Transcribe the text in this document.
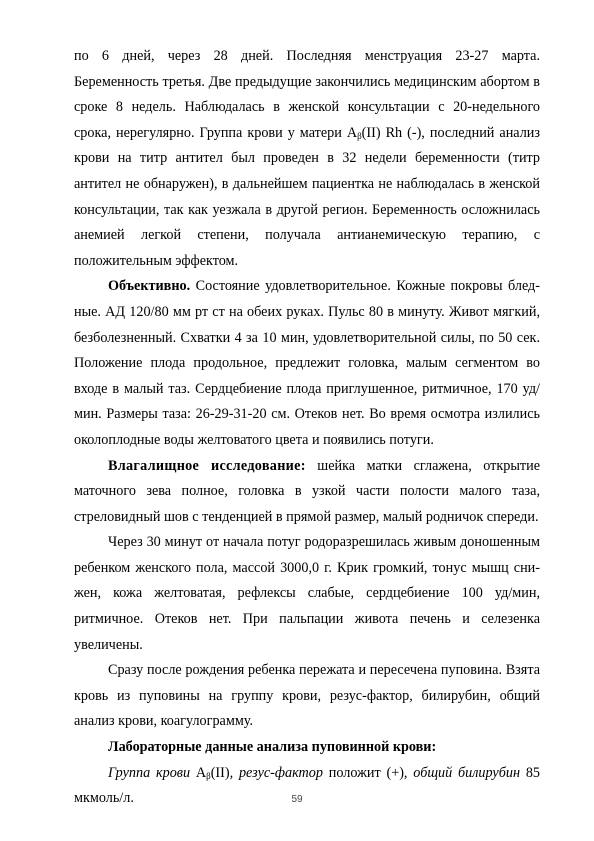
по 6 дней, через 28 дней. Последняя менструация 23-27 марта. Беременность третья. Две предыдущие закончились медицинским абортом в сроке 8 недель. Наблюдалась в женской консультации с 20-недельного срока, нерегулярно. Группа крови у матери $A_\beta(II)$ Rh (-), последний анализ крови на титр антител был проведен в 32 недели беременности (титр антител не обнаружен), в дальнейшем пациентка не наблюдалась в женской консультации, так как уезжала в другой регион. Беременность осложнилась анемией легкой степени, получала антианемическую терапию, с положительным эффектом.

Объективно. Состояние удовлетворительное. Кожные покровы блед-ные. АД 120/80 мм рт ст на обеих руках. Пульс 80 в минуту. Живот мягкий, безболезненный. Схватки 4 за 10 мин, удовлетворительной силы, по 50 сек. Положение плода продольное, предлежит головка, малым сегментом во входе в малый таз. Сердцебиение плода приглушенное, ритмичное, 170 уд/мин. Размеры таза: 26-29-31-20 см. Отеков нет. Во время осмотра излились околоплодные воды желтоватого цвета и появились потуги.

Влагалищное исследование: шейка матки сглажена, открытие маточного зева полное, головка в узкой части полости малого таза, стреловидный шов с тенденцией в прямой размер, малый родничок спереди.

Через 30 минут от начала потуг родоразрешилась живым доношенным ребенком женского пола, массой 3000,0 г. Крик громкий, тонус мышц сни-жен, кожа желтоватая, рефлексы слабые, сердцебиение 100 уд/мин, ритмичное. Отеков нет. При пальпации живота печень и селезенка увеличены.

Сразу после рождения ребенка пережата и пересечена пуповина. Взята кровь из пуповины на группу крови, резус-фактор, билирубин, общий анализ крови, коагулограмму.

Лабораторные данные анализа пуповинной крови:

Группа крови $A_\beta(II)$, резус-фактор положит (+), общий билирубин 85 мкмоль/л.	59
